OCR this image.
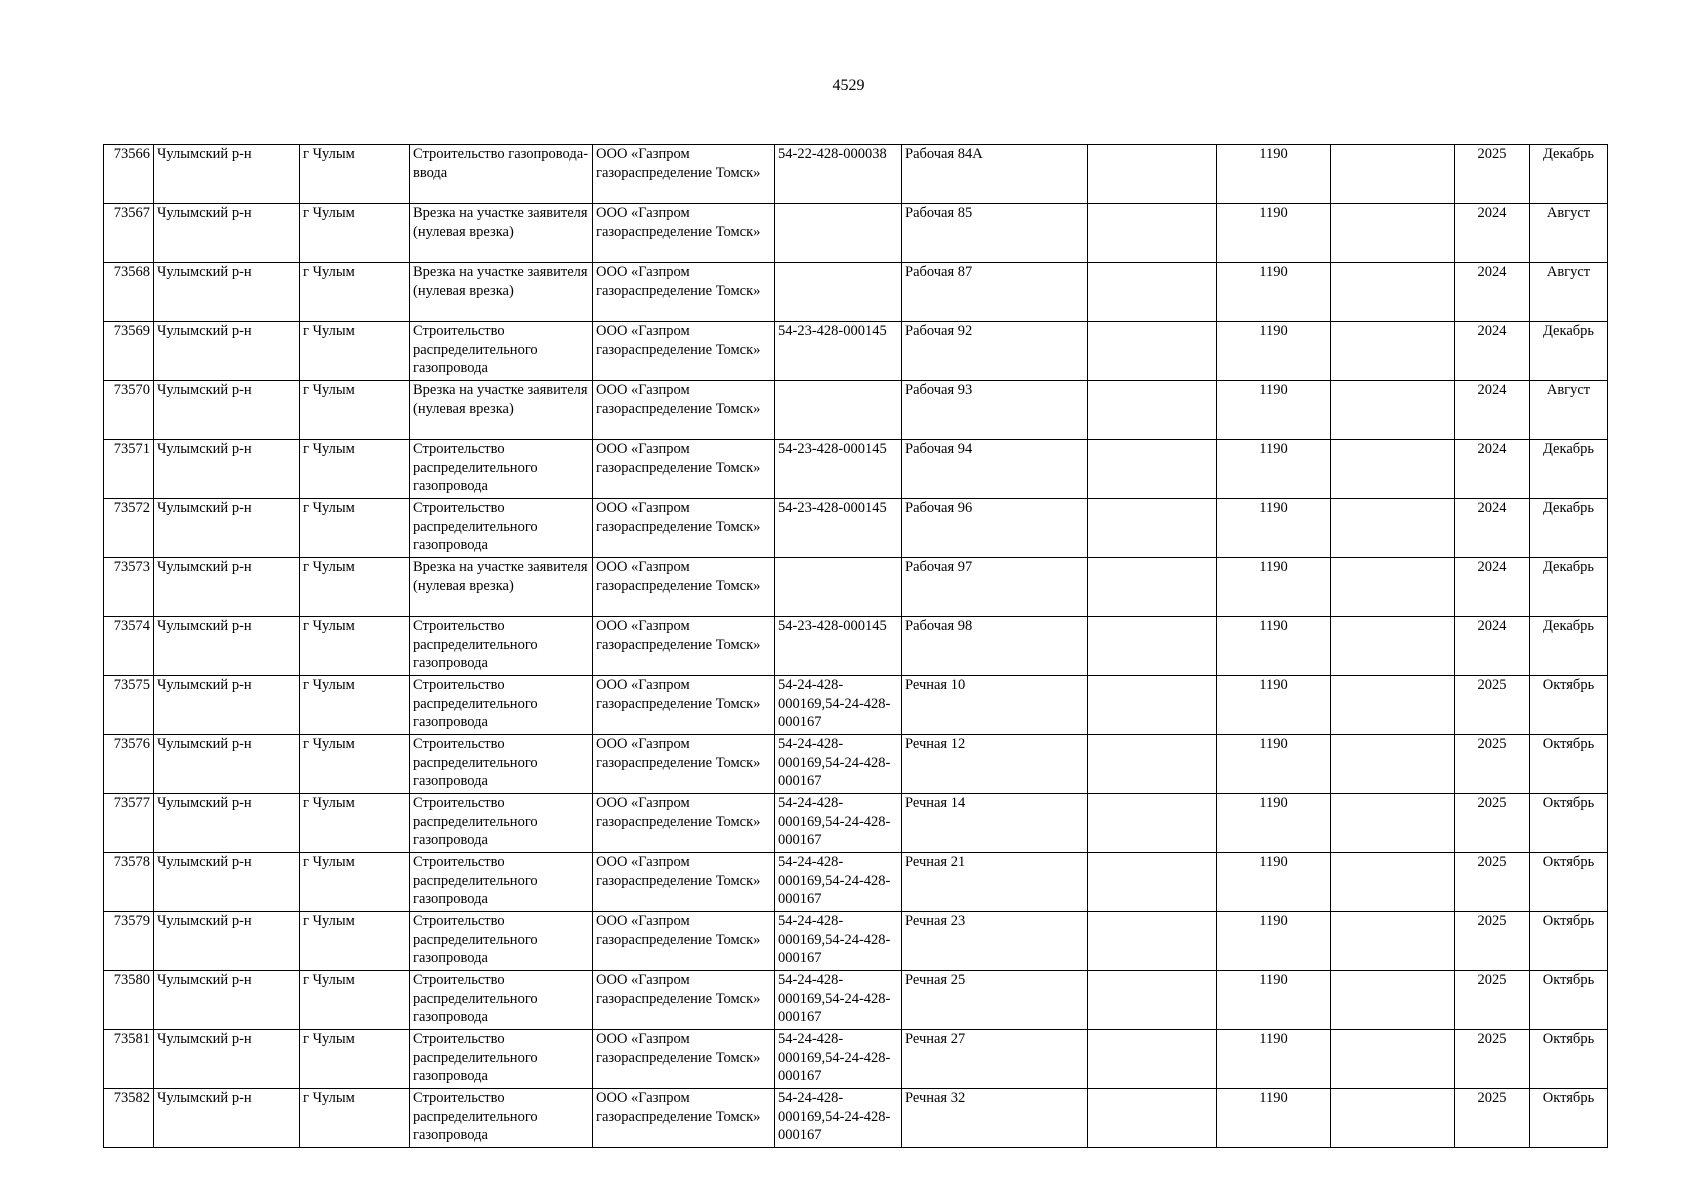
4529
73566	Чулымский р-н	г Чулым	Строительство газопровода-ввода	ООО «Газпром газораспределение Томск»	54-22-428-000038	Рабочая 84А		1190		2025	Декабрь
73567	Чулымский р-н	г Чулым	Врезка на участке заявителя (нулевая врезка)	ООО «Газпром газораспределение Томск»		Рабочая 85		1190		2024	Август
73568	Чулымский р-н	г Чулым	Врезка на участке заявителя (нулевая врезка)	ООО «Газпром газораспределение Томск»		Рабочая 87		1190		2024	Август
73569	Чулымский р-н	г Чулым	Строительство распределительного газопровода	ООО «Газпром газораспределение Томск»	54-23-428-000145	Рабочая 92		1190		2024	Декабрь
73570	Чулымский р-н	г Чулым	Врезка на участке заявителя (нулевая врезка)	ООО «Газпром газораспределение Томск»		Рабочая 93		1190		2024	Август
73571	Чулымский р-н	г Чулым	Строительство распределительного газопровода	ООО «Газпром газораспределение Томск»	54-23-428-000145	Рабочая 94		1190		2024	Декабрь
73572	Чулымский р-н	г Чулым	Строительство распределительного газопровода	ООО «Газпром газораспределение Томск»	54-23-428-000145	Рабочая 96		1190		2024	Декабрь
73573	Чулымский р-н	г Чулым	Врезка на участке заявителя (нулевая врезка)	ООО «Газпром газораспределение Томск»		Рабочая 97		1190		2024	Декабрь
73574	Чулымский р-н	г Чулым	Строительство распределительного газопровода	ООО «Газпром газораспределение Томск»	54-23-428-000145	Рабочая 98		1190		2024	Декабрь
73575	Чулымский р-н	г Чулым	Строительство распределительного газопровода	ООО «Газпром газораспределение Томск»	54-24-428-000169,54-24-428-000167	Речная 10		1190		2025	Октябрь
73576	Чулымский р-н	г Чулым	Строительство распределительного газопровода	ООО «Газпром газораспределение Томск»	54-24-428-000169,54-24-428-000167	Речная 12		1190		2025	Октябрь
73577	Чулымский р-н	г Чулым	Строительство распределительного газопровода	ООО «Газпром газораспределение Томск»	54-24-428-000169,54-24-428-000167	Речная 14		1190		2025	Октябрь
73578	Чулымский р-н	г Чулым	Строительство распределительного газопровода	ООО «Газпром газораспределение Томск»	54-24-428-000169,54-24-428-000167	Речная 21		1190		2025	Октябрь
73579	Чулымский р-н	г Чулым	Строительство распределительного газопровода	ООО «Газпром газораспределение Томск»	54-24-428-000169,54-24-428-000167	Речная 23		1190		2025	Октябрь
73580	Чулымский р-н	г Чулым	Строительство распределительного газопровода	ООО «Газпром газораспределение Томск»	54-24-428-000169,54-24-428-000167	Речная 25		1190		2025	Октябрь
73581	Чулымский р-н	г Чулым	Строительство распределительного газопровода	ООО «Газпром газораспределение Томск»	54-24-428-000169,54-24-428-000167	Речная 27		1190		2025	Октябрь
73582	Чулымский р-н	г Чулым	Строительство распределительного газопровода	ООО «Газпром газораспределение Томск»	54-24-428-000169,54-24-428-000167	Речная 32		1190		2025	Октябрь
